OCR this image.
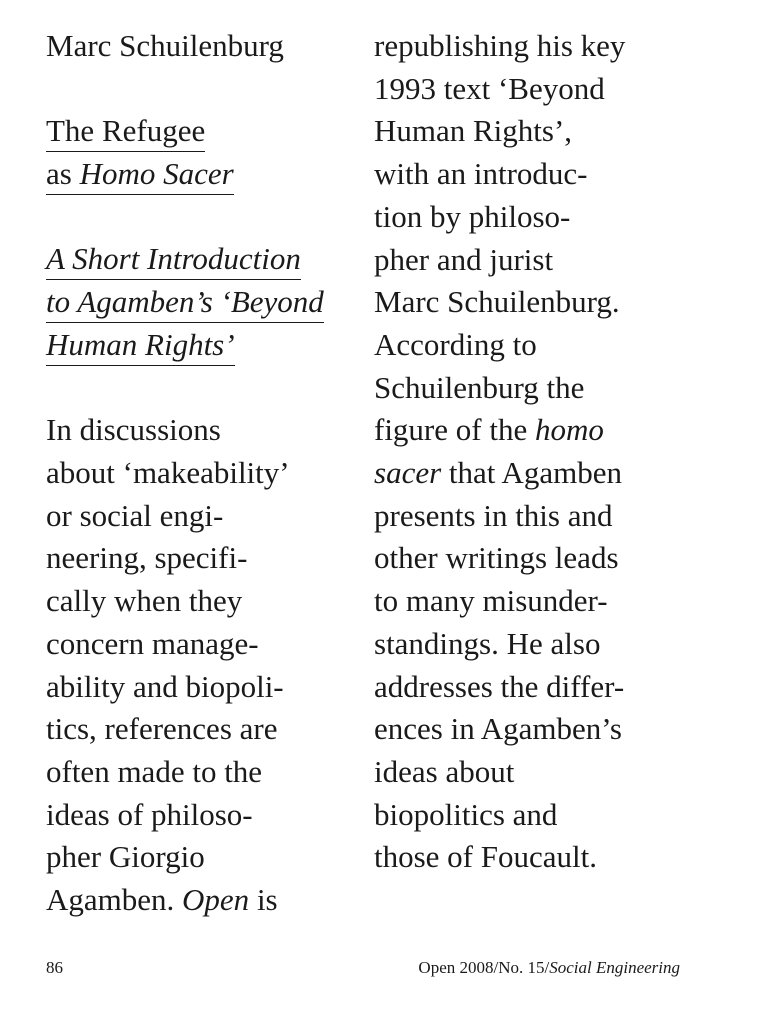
Marc Schuilenburg
The Refugee
as Homo Sacer
A Short Introduction
to Agamben’s ‘Beyond
Human Rights’
In discussions
about ‘makeability’
or social engi-
neering, specifi-
cally when they
concern manage-
ability and biopoli-
tics, references are
often made to the
ideas of philoso-
pher Giorgio
Agamben. Open is
republishing his key
1993 text ‘Beyond
Human Rights’,
with an introduc-
tion by philoso-
pher and jurist
Marc Schuilenburg.
According to
Schuilenburg the
figure of the homo
sacer that Agamben
presents in this and
other writings leads
to many misunder-
standings. He also
addresses the differ-
ences in Agamben’s
ideas about
biopolitics and
those of Foucault.
86	Open 2008/No. 15/Social Engineering
